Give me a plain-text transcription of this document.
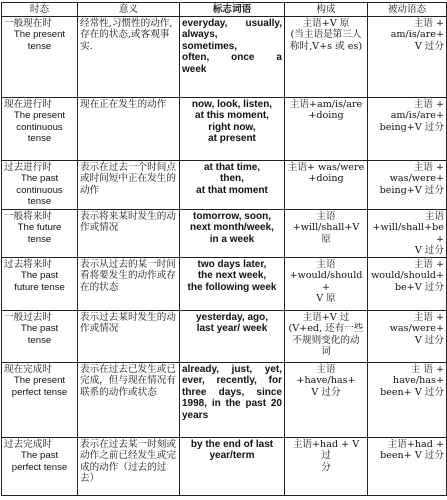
时态	意义	标志词语	构成	被动语态

一般现在时
The present
tense	经常性,习惯性的动作,存在的状态,或客观事实.	everyday, usually,
always,
sometimes,
often, once a
week	主语+V 原
(当主语是第三人
称时,V+s 或 es)	主语 +
am/is/are+
V 过分

现在进行时
The present
continuous
tense	现在正在发生的动作	now, look, listen,
at this moment,
right now,
at present	主语+am/is/are
+doing	主语 +
am/is/are+
being+V 过分

过去进行时
The past
continuous
tense	表示在过去一个时间点或时间短中正在发生的动作	at that time,
then,
at that moment	主语+ was/were
+doing	主语 +
was/were+
being+V 过分

一般将来时
The future
tense	表示将来某时发生的动作或情况	tomorrow, soon,
next month/week,
in a week	主语
+will/shall+V 原	主语
+will/shall+be+
V 过分

过去将来时
The past
future tense	表示从过去的某一时间看将要发生的动作或存在的状态	two days later,
the next week,
the following week	主语
+would/should+
V 原	主语 +
would/should+
be+V 过分

一般过去时
The past
tense	表示过去某时发生的动作或情况	yesterday, ago,
last year/ week	主语+V 过
(V+ed, 还有一些
不规则变化的动
词	主语 +
was/were+
V 过分

现在完成时
The present
perfect tense	表示在过去已发生或已完成，但与现在情况有联系的动作或状态	already, just, yet,
ever, recently, for
three days, since
1998, in the past 20
years	主语 +have/has+
V 过分	主 语 +
have/has+
been+ V 过分

过去完成时
The past
perfect tense	表示在过去某一时刻或动作之前已经发生或完成的动作（过去的过去）	by the end of last
year/term	主语+had + V 过
分	主语+had +
been+ V 过分
